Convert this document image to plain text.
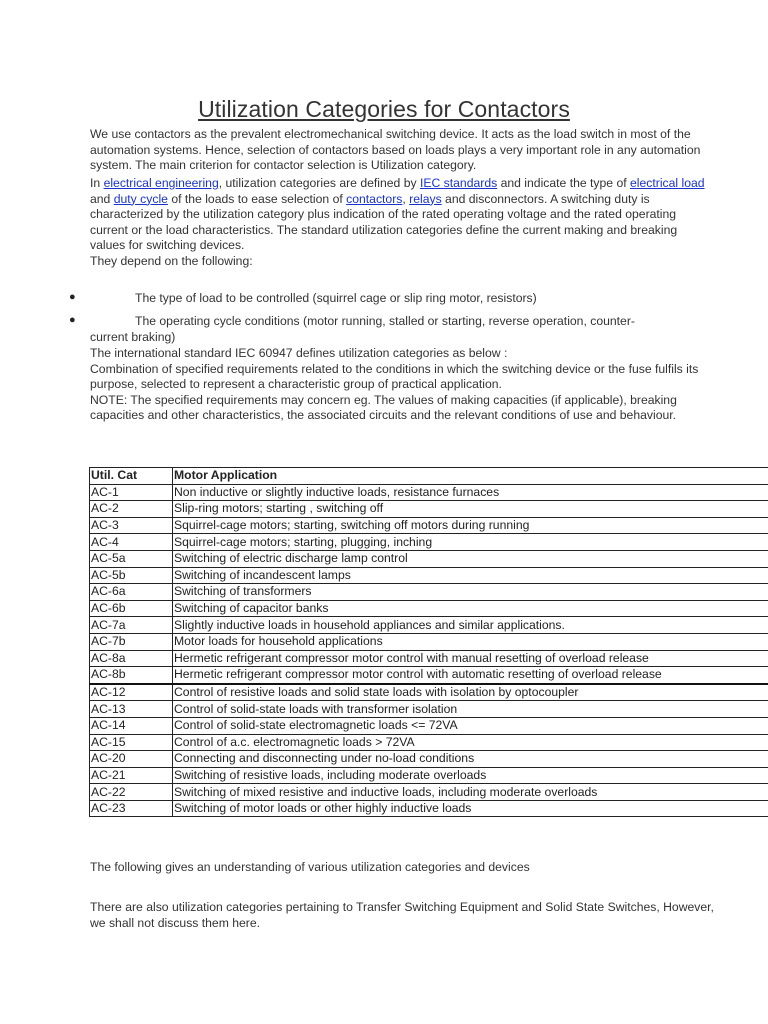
Utilization Categories for Contactors
We use contactors as the prevalent electromechanical switching device. It acts as the load switch in most of the automation systems. Hence, selection of contactors based on loads plays a very important role in any automation system. The main criterion for contactor selection is Utilization category.
In electrical engineering, utilization categories are defined by IEC standards and indicate the type of electrical load and duty cycle of the loads to ease selection of contactors, relays and disconnectors. A switching duty is characterized by the utilization category plus indication of the rated operating voltage and the rated operating current or the load characteristics. The standard utilization categories define the current making and breaking values for switching devices.
They depend on the following:
●	The type of load to be controlled (squirrel cage or slip ring motor, resistors)
●	The operating cycle conditions (motor running, stalled or starting, reverse operation, counter-current braking)
The international standard IEC 60947 defines utilization categories as below :
Combination of specified requirements related to the conditions in which the switching device or the fuse fulfils its purpose, selected to represent a characteristic group of practical application.
NOTE: The specified requirements may concern eg. The values of making capacities (if applicable), breaking capacities and other characteristics, the associated circuits and the relevant conditions of use and behaviour.
Util. Cat	Motor Application
AC-1	Non inductive or slightly inductive loads, resistance furnaces
AC-2	Slip-ring motors; starting , switching off
AC-3	Squirrel-cage motors; starting, switching off motors during running
AC-4	Squirrel-cage motors; starting, plugging, inching
AC-5a	Switching of electric discharge lamp control
AC-5b	Switching of incandescent lamps
AC-6a	Switching of transformers
AC-6b	Switching of capacitor banks
AC-7a	Slightly inductive loads in household appliances and similar applications.
AC-7b	Motor loads for household applications
AC-8a	Hermetic refrigerant compressor motor control with manual resetting of overload release
AC-8b	Hermetic refrigerant compressor motor control with automatic resetting of overload release
AC-12	Control of resistive loads and solid state loads with isolation by optocoupler
AC-13	Control of solid-state loads with transformer isolation
AC-14	Control of solid-state electromagnetic loads <= 72VA
AC-15	Control of a.c. electromagnetic loads > 72VA
AC-20	Connecting and disconnecting under no-load conditions
AC-21	Switching of resistive loads, including moderate overloads
AC-22	Switching of mixed resistive and inductive loads, including moderate overloads
AC-23	Switching of motor loads or other highly inductive loads
The following gives an understanding of various utilization categories and devices
There are also utilization categories pertaining to Transfer Switching Equipment and Solid State Switches, However, we shall not discuss them here.
